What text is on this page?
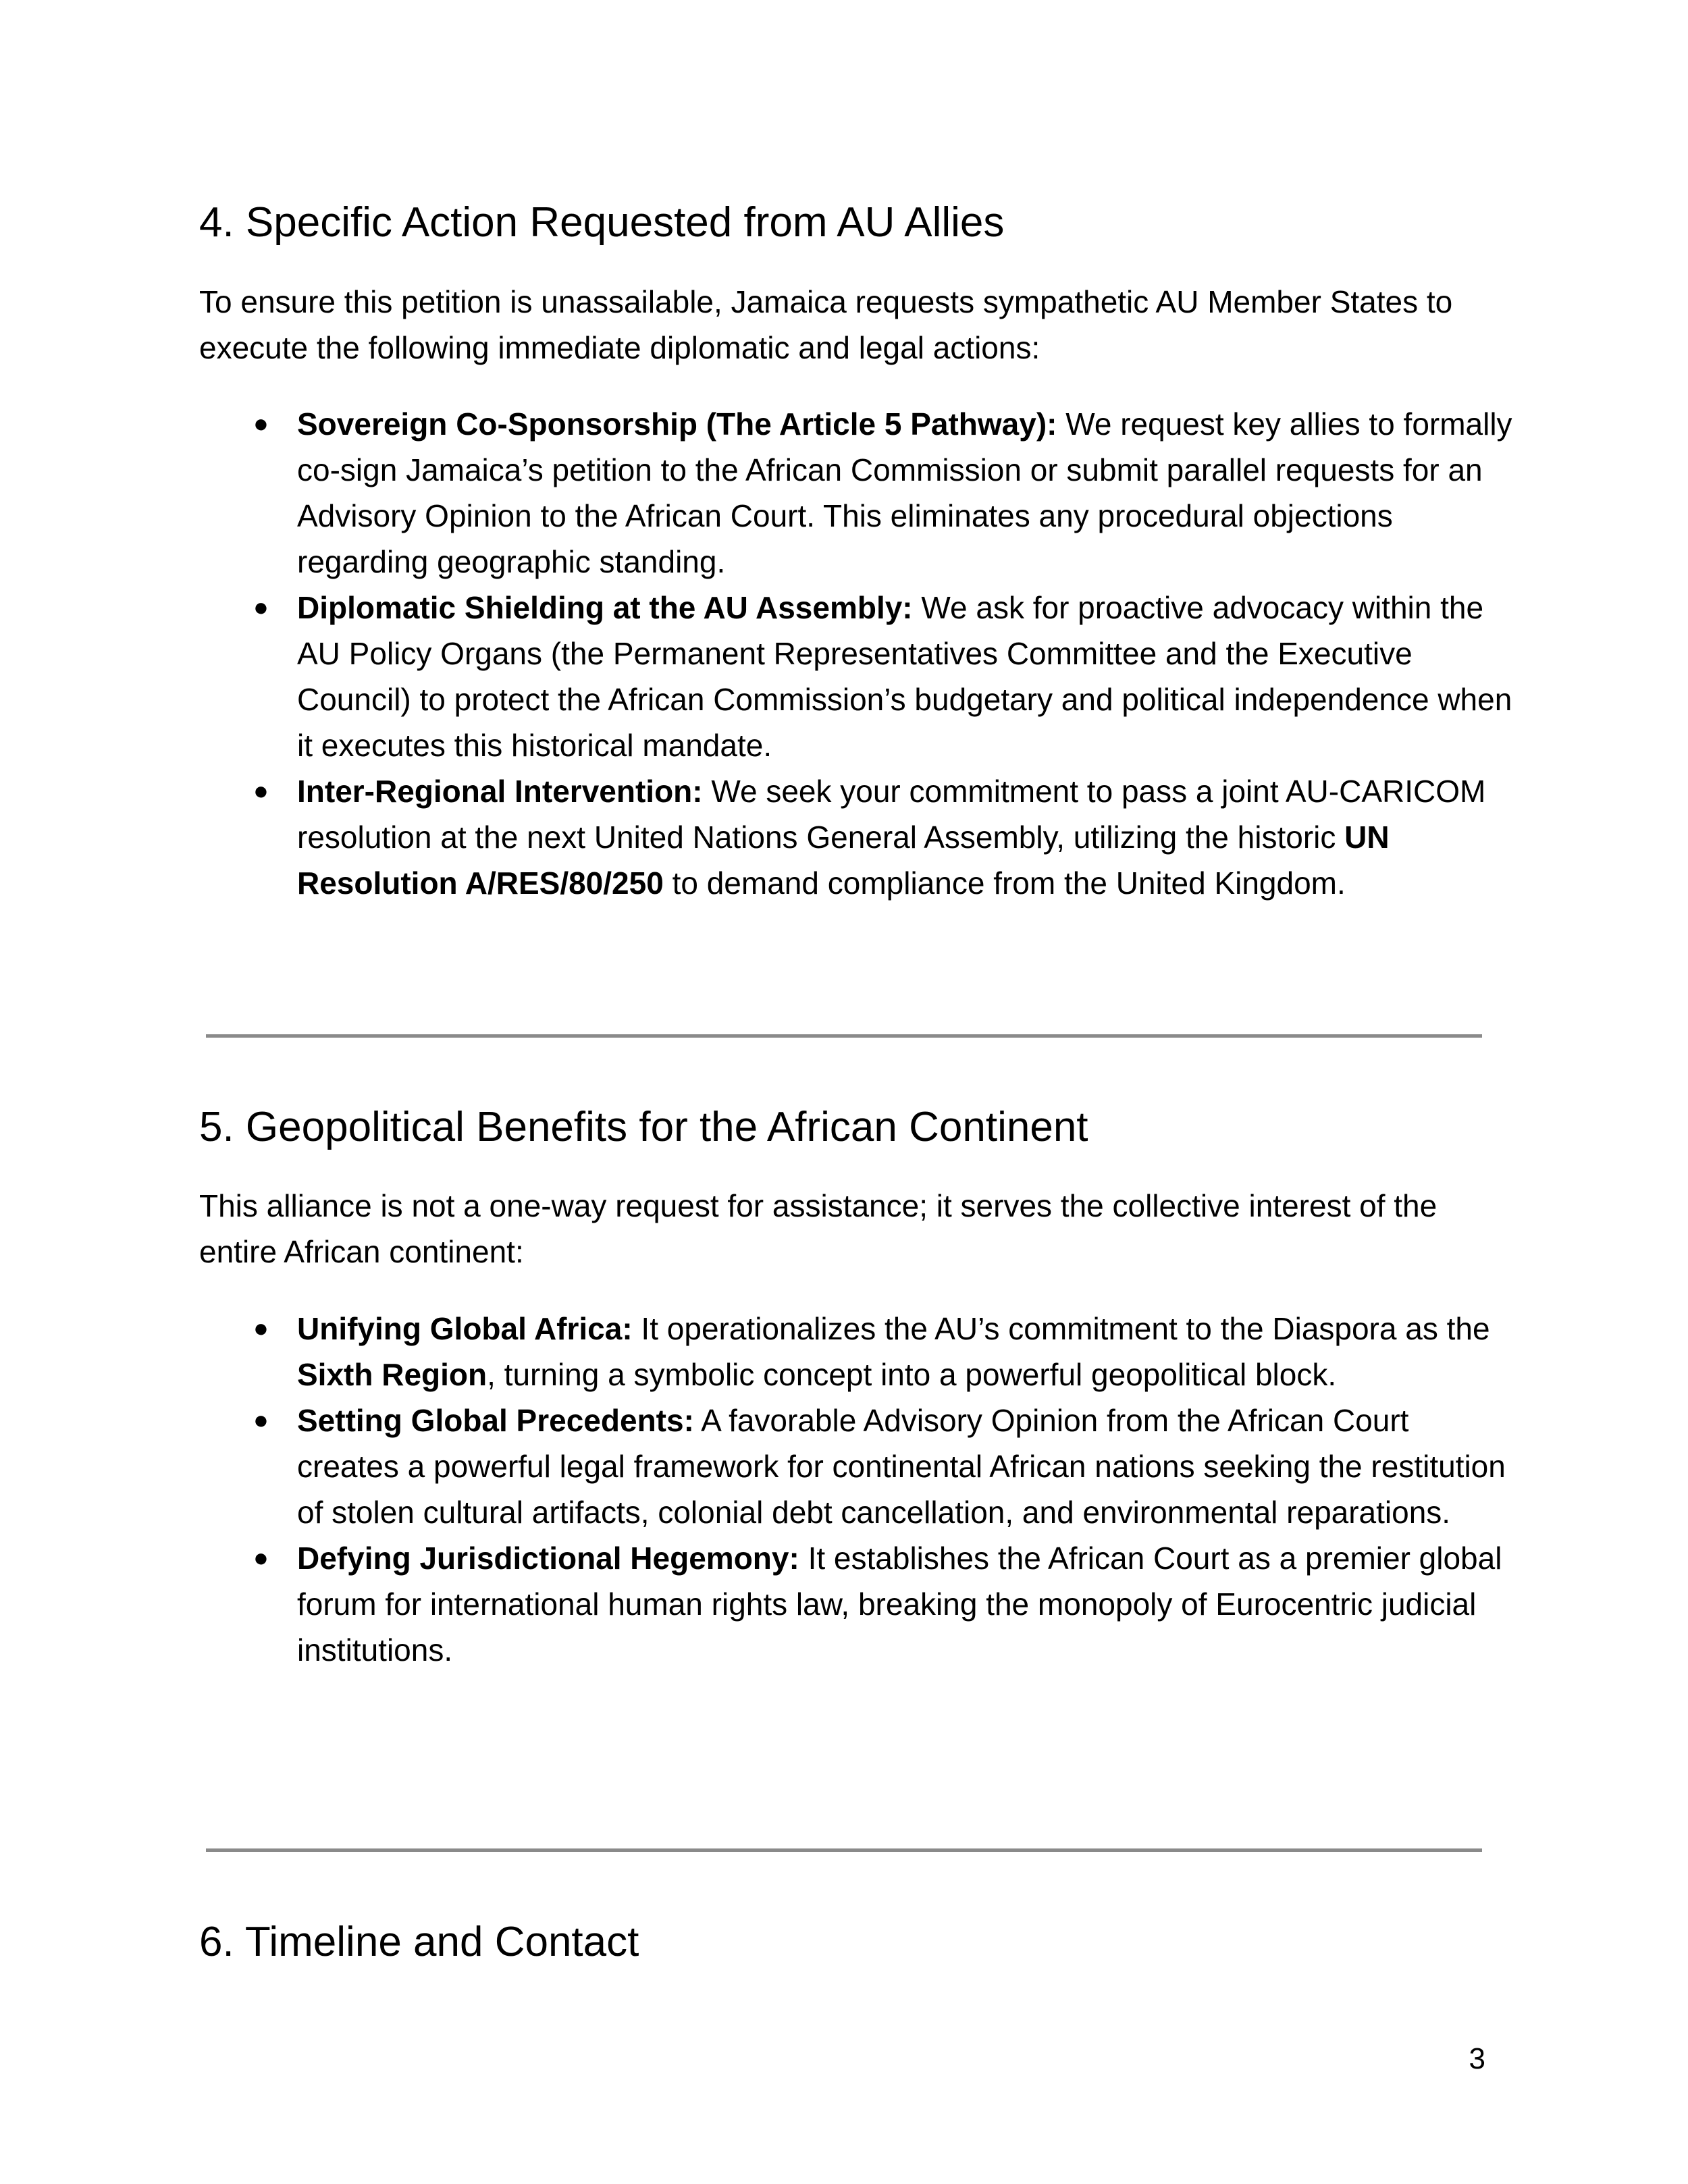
4. Specific Action Requested from AU Allies

To ensure this petition is unassailable, Jamaica requests sympathetic AU Member States to execute the following immediate diplomatic and legal actions:

● Sovereign Co-Sponsorship (The Article 5 Pathway): We request key allies to formally co-sign Jamaica’s petition to the African Commission or submit parallel requests for an Advisory Opinion to the African Court. This eliminates any procedural objections regarding geographic standing.
● Diplomatic Shielding at the AU Assembly: We ask for proactive advocacy within the AU Policy Organs (the Permanent Representatives Committee and the Executive Council) to protect the African Commission’s budgetary and political independence when it executes this historical mandate.
● Inter-Regional Intervention: We seek your commitment to pass a joint AU-CARICOM resolution at the next United Nations General Assembly, utilizing the historic UN Resolution A/RES/80/250 to demand compliance from the United Kingdom.
5. Geopolitical Benefits for the African Continent

This alliance is not a one-way request for assistance; it serves the collective interest of the entire African continent:

● Unifying Global Africa: It operationalizes the AU’s commitment to the Diaspora as the Sixth Region, turning a symbolic concept into a powerful geopolitical block.
● Setting Global Precedents: A favorable Advisory Opinion from the African Court creates a powerful legal framework for continental African nations seeking the restitution of stolen cultural artifacts, colonial debt cancellation, and environmental reparations.
● Defying Jurisdictional Hegemony: It establishes the African Court as a premier global forum for international human rights law, breaking the monopoly of Eurocentric judicial institutions.
6. Timeline and Contact
3
